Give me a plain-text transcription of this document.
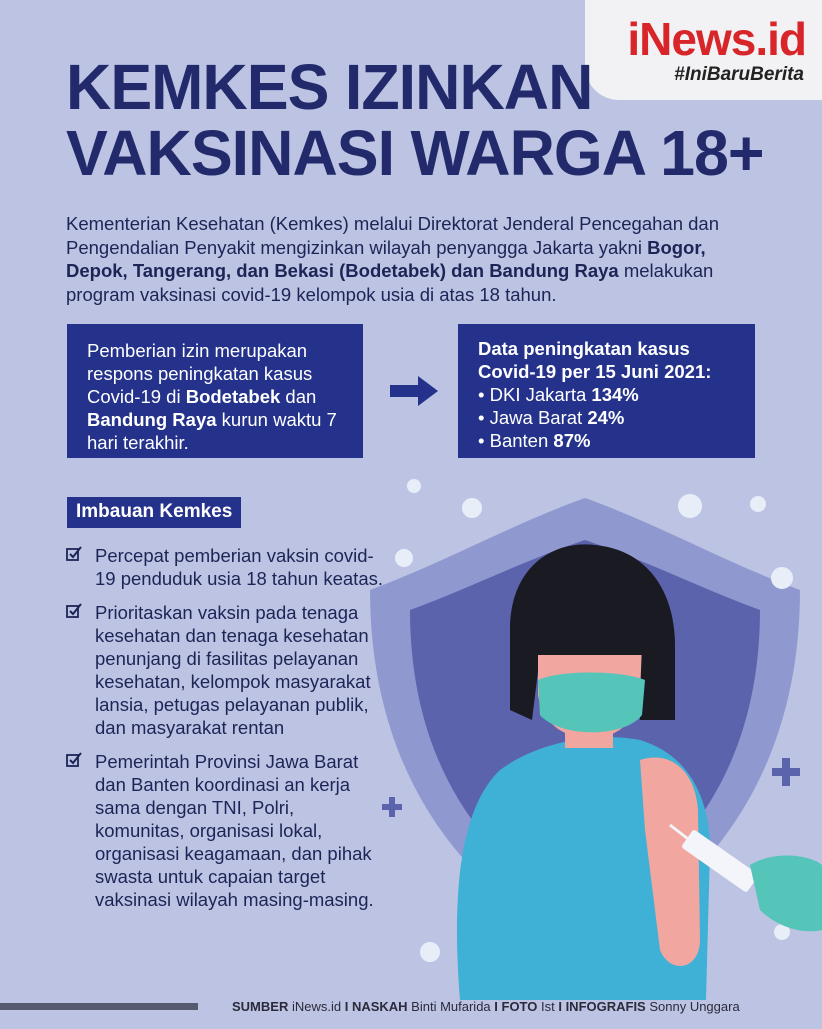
iNews.id
#IniBaruBerita
KEMKES IZINKAN
VAKSINASI WARGA 18+

Kementerian Kesehatan (Kemkes) melalui Direktorat Jenderal Pencegahan dan Pengendalian Penyakit mengizinkan wilayah penyangga Jakarta yakni Bogor, Depok, Tangerang, dan Bekasi (Bodetabek) dan Bandung Raya melakukan program vaksinasi covid-19 kelompok usia di atas 18 tahun.

Pemberian izin merupakan respons peningkatan kasus Covid-19 di Bodetabek dan Bandung Raya kurun waktu 7 hari terakhir.
Data peningkatan kasus
Covid-19 per 15 Juni 2021:

• DKI Jakarta 134%
• Jawa Barat 24%
• Banten 87%
Imbauan Kemkes
Percepat pemberian vaksin covid-19 penduduk usia 18 tahun keatas.
Prioritaskan vaksin pada tenaga kesehatan dan tenaga kesehatan penunjang di fasilitas pelayanan kesehatan, kelompok masyarakat lansia, petugas pelayanan publik, dan masyarakat rentan
Pemerintah Provinsi Jawa Barat dan Banten koordinasi an kerja sama dengan TNI, Polri, komunitas, organisasi lokal, organisasi keagamaan, dan pihak swasta untuk capaian target vaksinasi wilayah masing-masing.
SUMBER iNews.id I NASKAH Binti Mufarida I FOTO Ist I INFOGRAFIS Sonny Unggara
